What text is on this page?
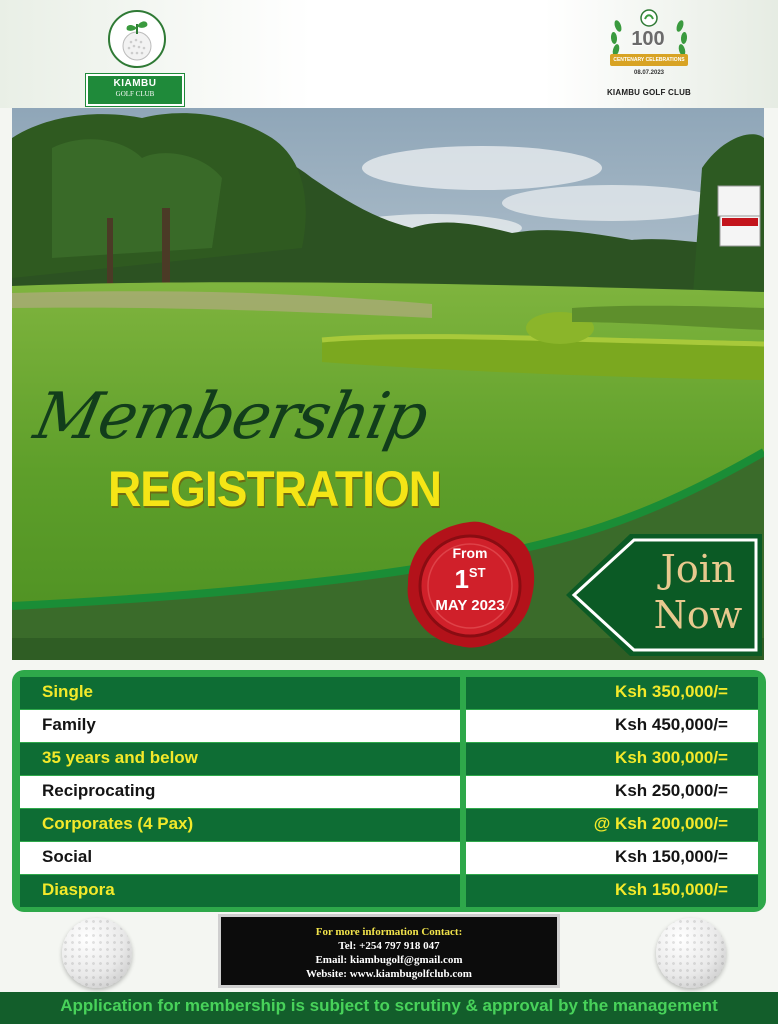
KIAMBU
GOLF CLUB
100
CENTENARY CELEBRATIONS
08.07.2023
KIAMBU GOLF CLUB
Membership
REGISTRATION
From
1ST
MAY 2023
Join
Now
Single	Ksh 350,000/=
Family	Ksh 450,000/=
35 years and below	Ksh 300,000/=
Reciprocating	Ksh 250,000/=
Corporates (4 Pax)	@ Ksh 200,000/=
Social	Ksh 150,000/=
Diaspora	Ksh 150,000/=
For more information Contact:
Tel: +254 797 918 047
Email: kiambugolf@gmail.com
Website: www.kiambugolfclub.com
Application for membership is subject to scrutiny & approval by the management
